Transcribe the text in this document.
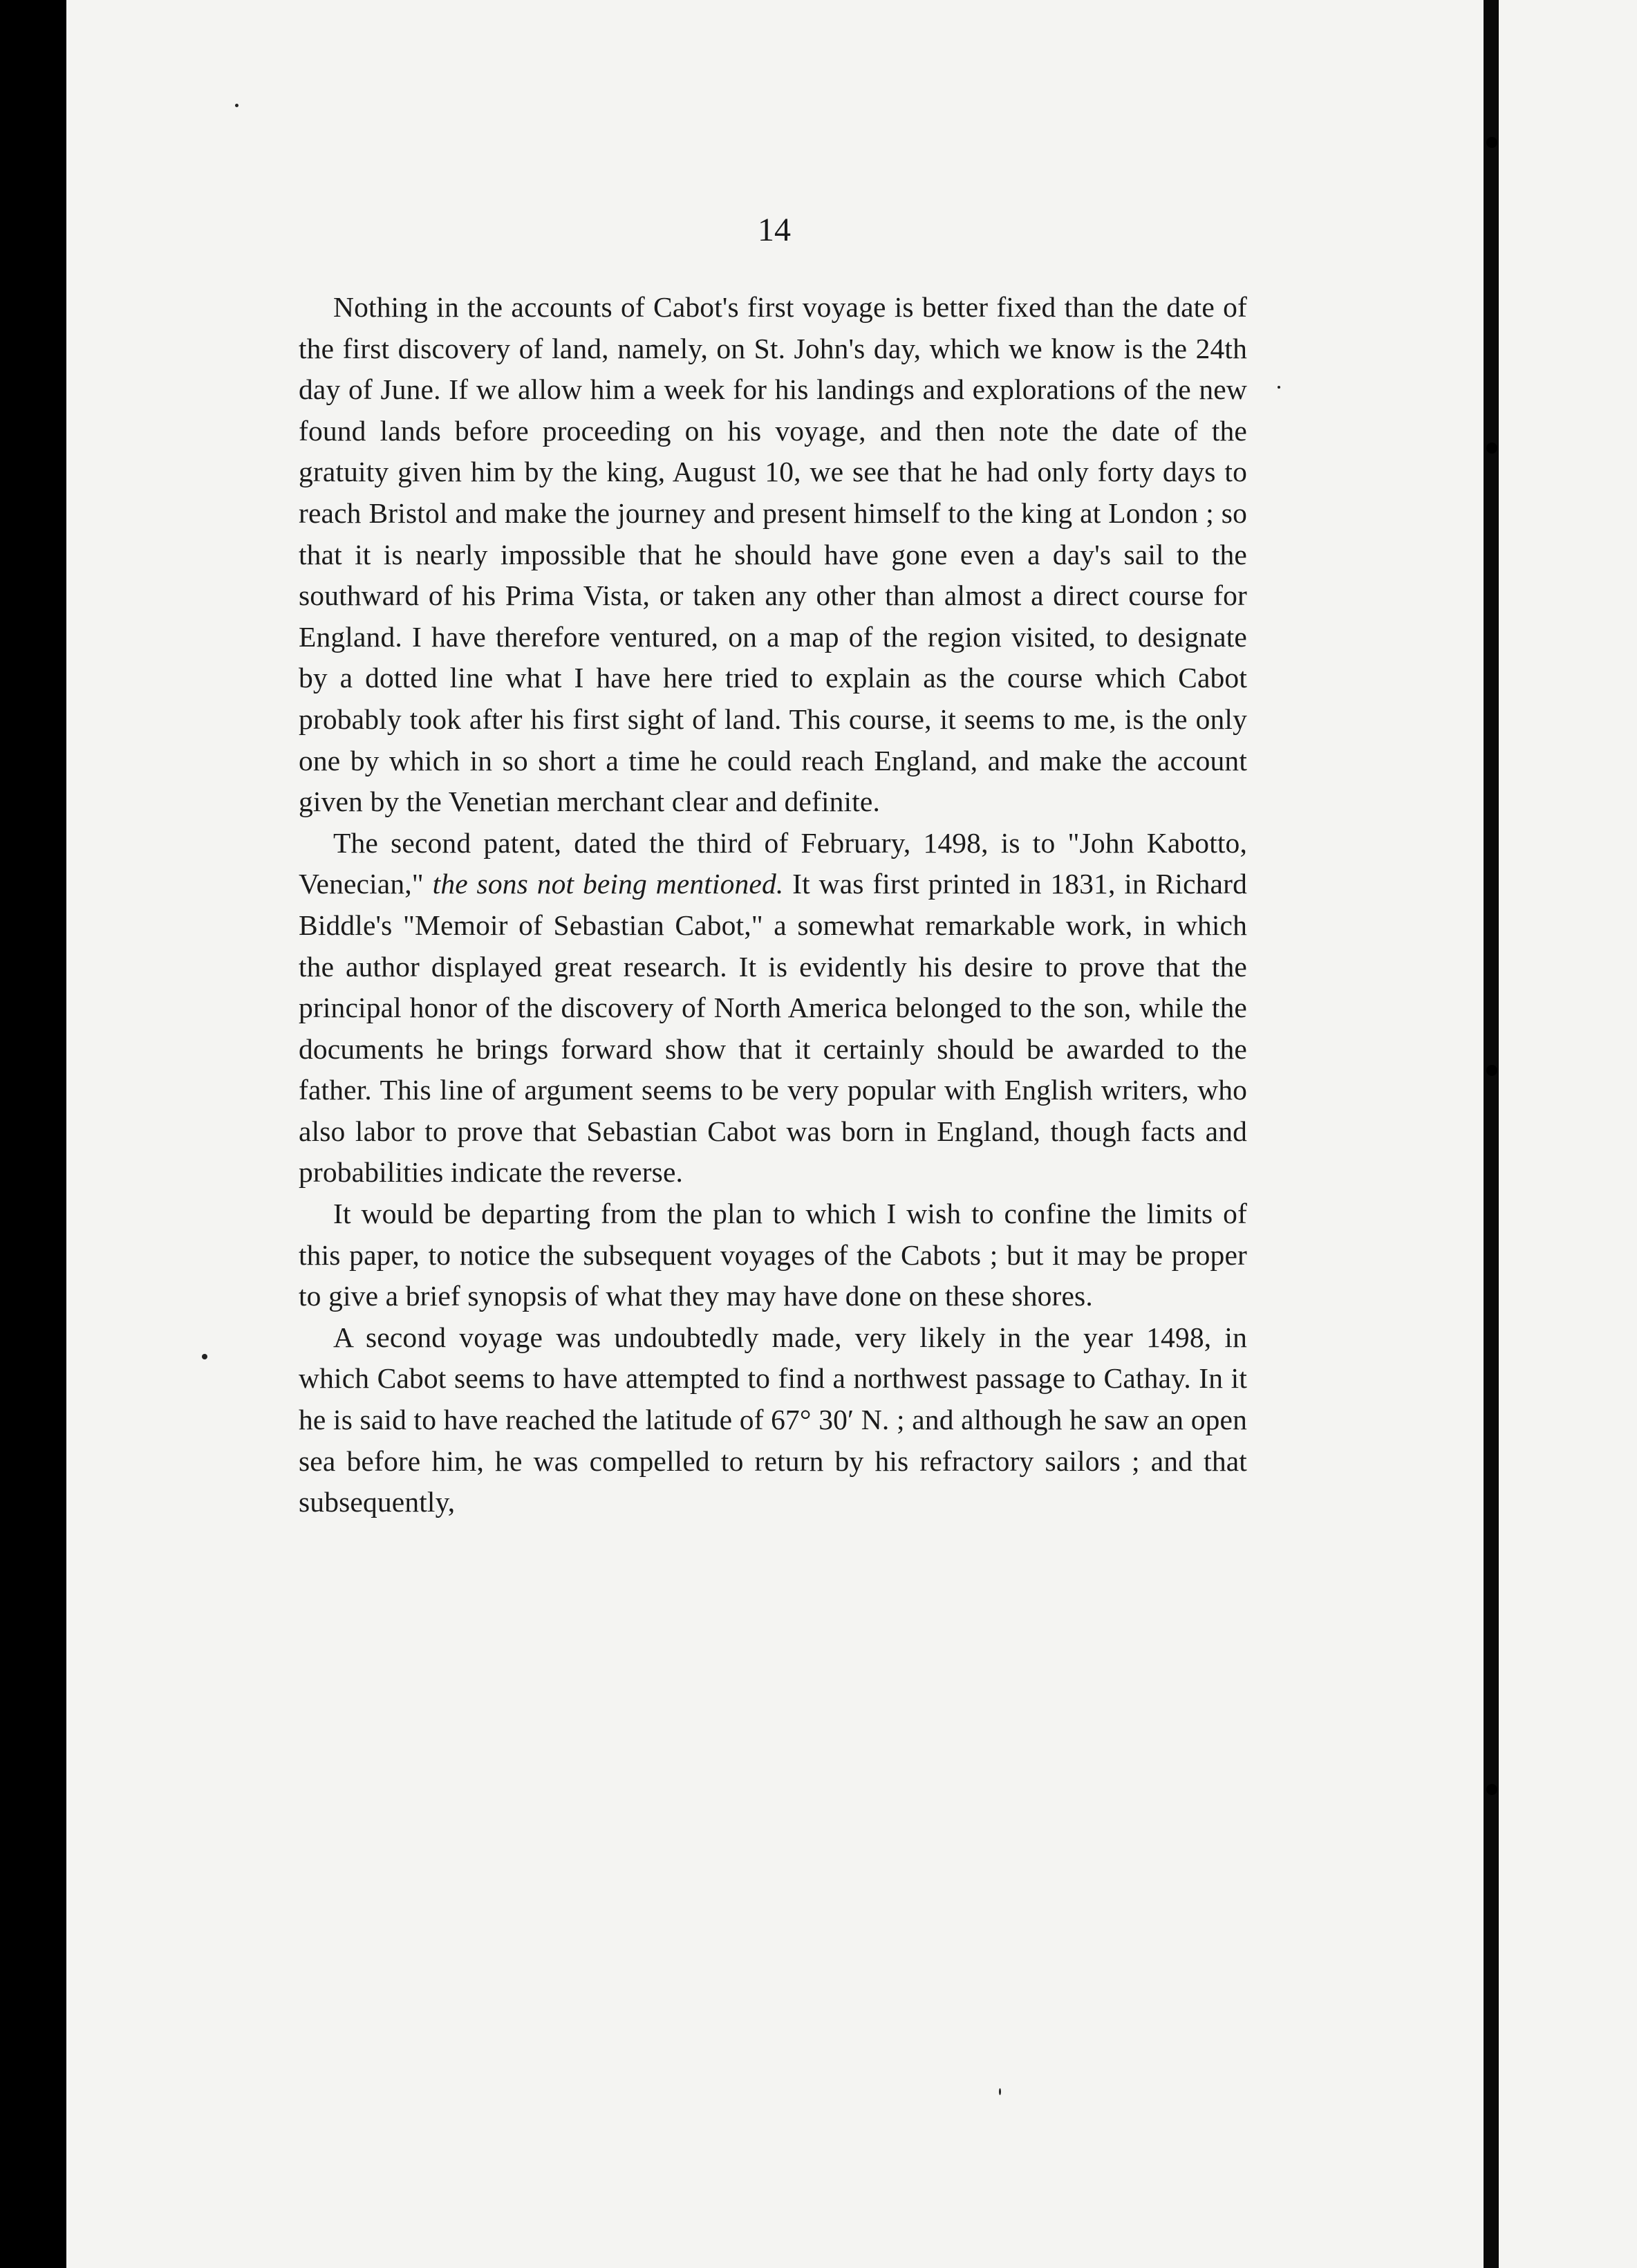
14

Nothing in the accounts of Cabot's first voyage is better fixed than the date of the first discovery of land, namely, on St. John's day, which we know is the 24th day of June. If we allow him a week for his landings and explorations of the new found lands before proceeding on his voyage, and then note the date of the gratuity given him by the king, August 10, we see that he had only forty days to reach Bristol and make the journey and present himself to the king at London ; so that it is nearly impossible that he should have gone even a day's sail to the southward of his Prima Vista, or taken any other than almost a direct course for England. I have therefore ventured, on a map of the region visited, to designate by a dotted line what I have here tried to explain as the course which Cabot probably took after his first sight of land. This course, it seems to me, is the only one by which in so short a time he could reach England, and make the account given by the Venetian merchant clear and definite.

The second patent, dated the third of February, 1498, is to "John Kabotto, Venecian," the sons not being mentioned. It was first printed in 1831, in Richard Biddle's "Memoir of Sebastian Cabot," a somewhat remarkable work, in which the author displayed great research. It is evidently his desire to prove that the principal honor of the discovery of North America belonged to the son, while the documents he brings forward show that it certainly should be awarded to the father. This line of argument seems to be very popular with English writers, who also labor to prove that Sebastian Cabot was born in England, though facts and probabilities indicate the reverse.

It would be departing from the plan to which I wish to confine the limits of this paper, to notice the subsequent voyages of the Cabots ; but it may be proper to give a brief synopsis of what they may have done on these shores.

A second voyage was undoubtedly made, very likely in the year 1498, in which Cabot seems to have attempted to find a northwest passage to Cathay. In it he is said to have reached the latitude of 67° 30′ N. ; and although he saw an open sea before him, he was compelled to return by his refractory sailors ; and that subsequently,
